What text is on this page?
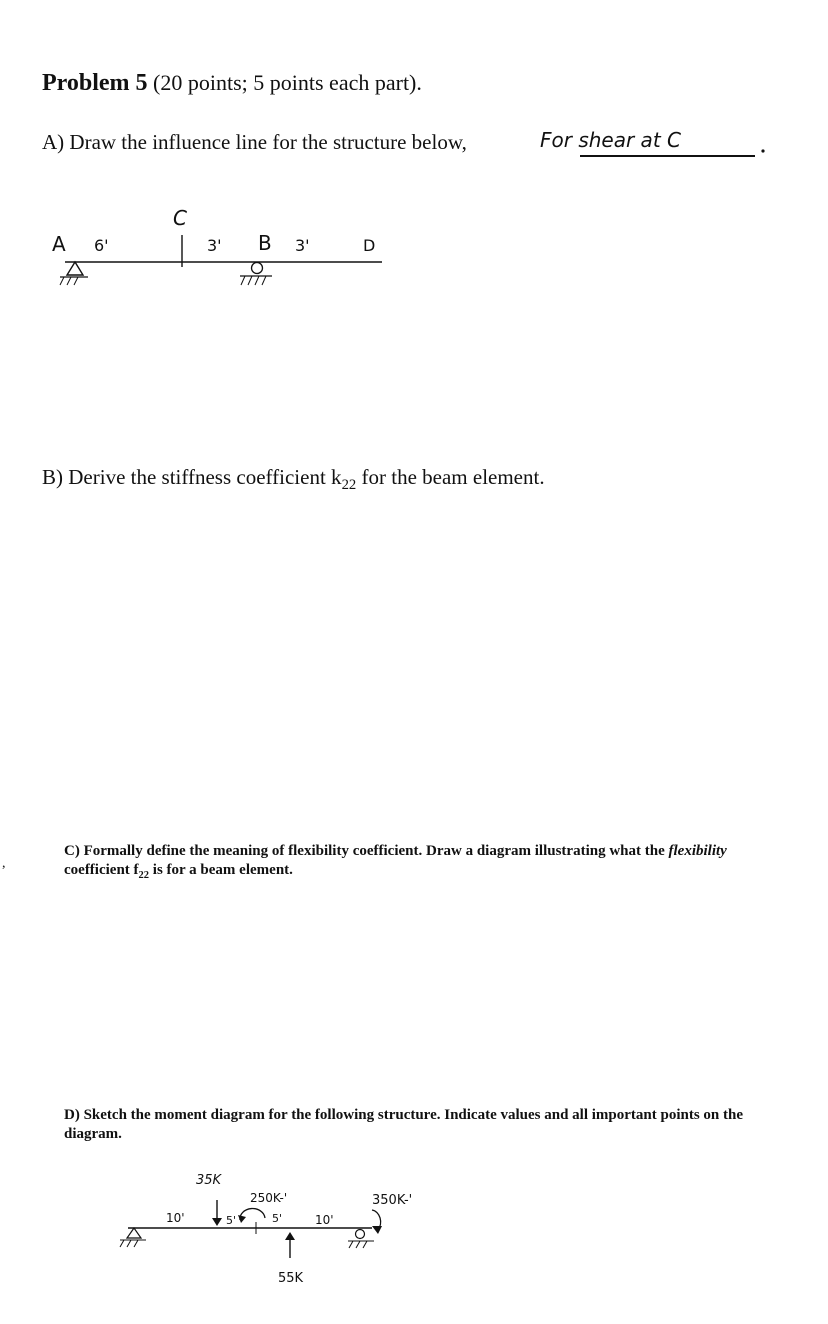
Problem 5 (20 points; 5 points each part).
A) Draw the influence line for the structure below,	For shear at C
A 6'
C
3' B 3'	D
B) Derive the stiffness coefficient $k_{22}$ for the beam element.
,
C) Formally define the meaning of flexibility coefficient. Draw a diagram illustrating what the flexibility
coefficient $f_{22}$ is for a beam element.
D) Sketch the moment diagram for the following structure. Indicate values and all important points on the diagram.
35K
250K-'
55K
350K-'
10'	5'	5'	10'
